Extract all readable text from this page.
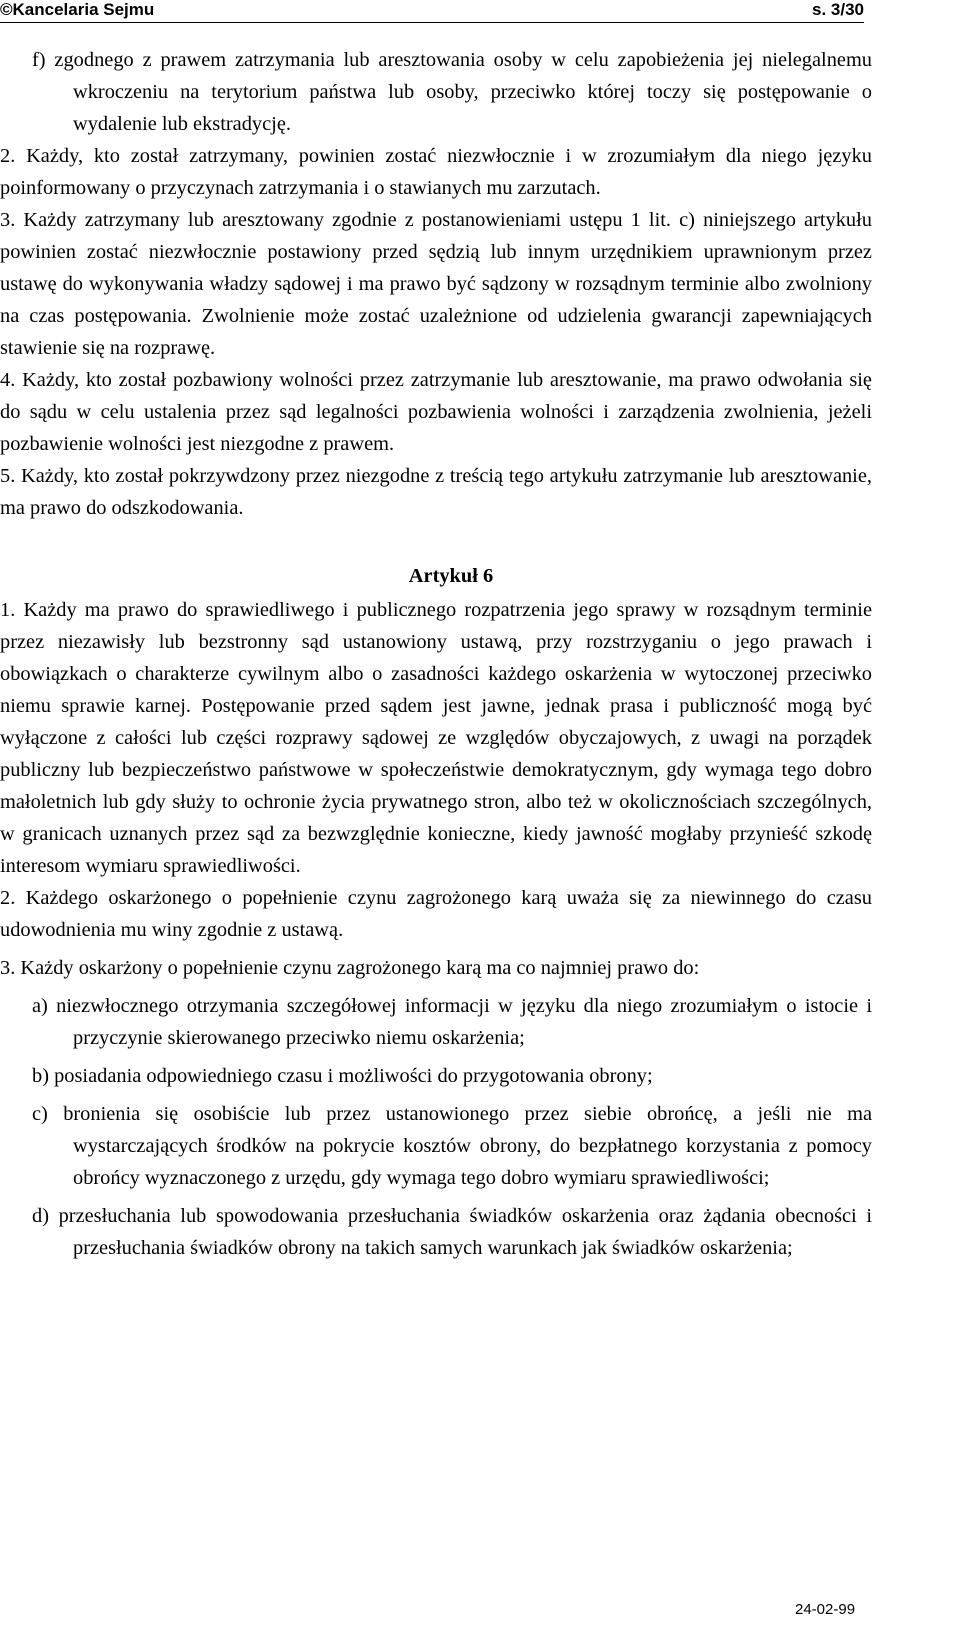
©Kancelaria Sejmu	s. 3/30
f) zgodnego z prawem zatrzymania lub aresztowania osoby w celu zapobieżenia jej nielegalnemu wkroczeniu na terytorium państwa lub osoby, przeciwko której toczy się postępowanie o wydalenie lub ekstradycję.
2. Każdy, kto został zatrzymany, powinien zostać niezwłocznie i w zrozumiałym dla niego języku poinformowany o przyczynach zatrzymania i o stawianych mu zarzutach.
3. Każdy zatrzymany lub aresztowany zgodnie z postanowieniami ustępu 1 lit. c) niniejszego artykułu powinien zostać niezwłocznie postawiony przed sędzią lub innym urzędnikiem uprawnionym przez ustawę do wykonywania władzy sądowej i ma prawo być sądzony w rozsądnym terminie albo zwolniony na czas postępowania. Zwolnienie może zostać uzależnione od udzielenia gwarancji zapewniających stawienie się na rozprawę.
4. Każdy, kto został pozbawiony wolności przez zatrzymanie lub aresztowanie, ma prawo odwołania się do sądu w celu ustalenia przez sąd legalności pozbawienia wolności i zarządzenia zwolnienia, jeżeli pozbawienie wolności jest niezgodne z prawem.
5. Każdy, kto został pokrzywdzony przez niezgodne z treścią tego artykułu zatrzymanie lub aresztowanie, ma prawo do odszkodowania.
Artykuł 6
1. Każdy ma prawo do sprawiedliwego i publicznego rozpatrzenia jego sprawy w rozsądnym terminie przez niezawisły lub bezstronny sąd ustanowiony ustawą, przy rozstrzyganiu o jego prawach i obowiązkach o charakterze cywilnym albo o zasadności każdego oskarżenia w wytoczonej przeciwko niemu sprawie karnej. Postępowanie przed sądem jest jawne, jednak prasa i publiczność mogą być wyłączone z całości lub części rozprawy sądowej ze względów obyczajowych, z uwagi na porządek publiczny lub bezpieczeństwo państwowe w społeczeństwie demokratycznym, gdy wymaga tego dobro małoletnich lub gdy służy to ochronie życia prywatnego stron, albo też w okolicznościach szczególnych, w granicach uznanych przez sąd za bezwzględnie konieczne, kiedy jawność mogłaby przynieść szkodę interesom wymiaru sprawiedliwości.
2. Każdego oskarżonego o popełnienie czynu zagrożonego karą uważa się za niewinnego do czasu udowodnienia mu winy zgodnie z ustawą.
3. Każdy oskarżony o popełnienie czynu zagrożonego karą ma co najmniej prawo do:
a) niezwłocznego otrzymania szczegółowej informacji w języku dla niego zrozumiałym o istocie i przyczynie skierowanego przeciwko niemu oskarżenia;
b) posiadania odpowiedniego czasu i możliwości do przygotowania obrony;
c) bronienia się osobiście lub przez ustanowionego przez siebie obrońcę, a jeśli nie ma wystarczających środków na pokrycie kosztów obrony, do bezpłatnego korzystania z pomocy obrońcy wyznaczonego z urzędu, gdy wymaga tego dobro wymiaru sprawiedliwości;
d) przesłuchania lub spowodowania przesłuchania świadków oskarżenia oraz żądania obecności i przesłuchania świadków obrony na takich samych warunkach jak świadków oskarżenia;
24-02-99
